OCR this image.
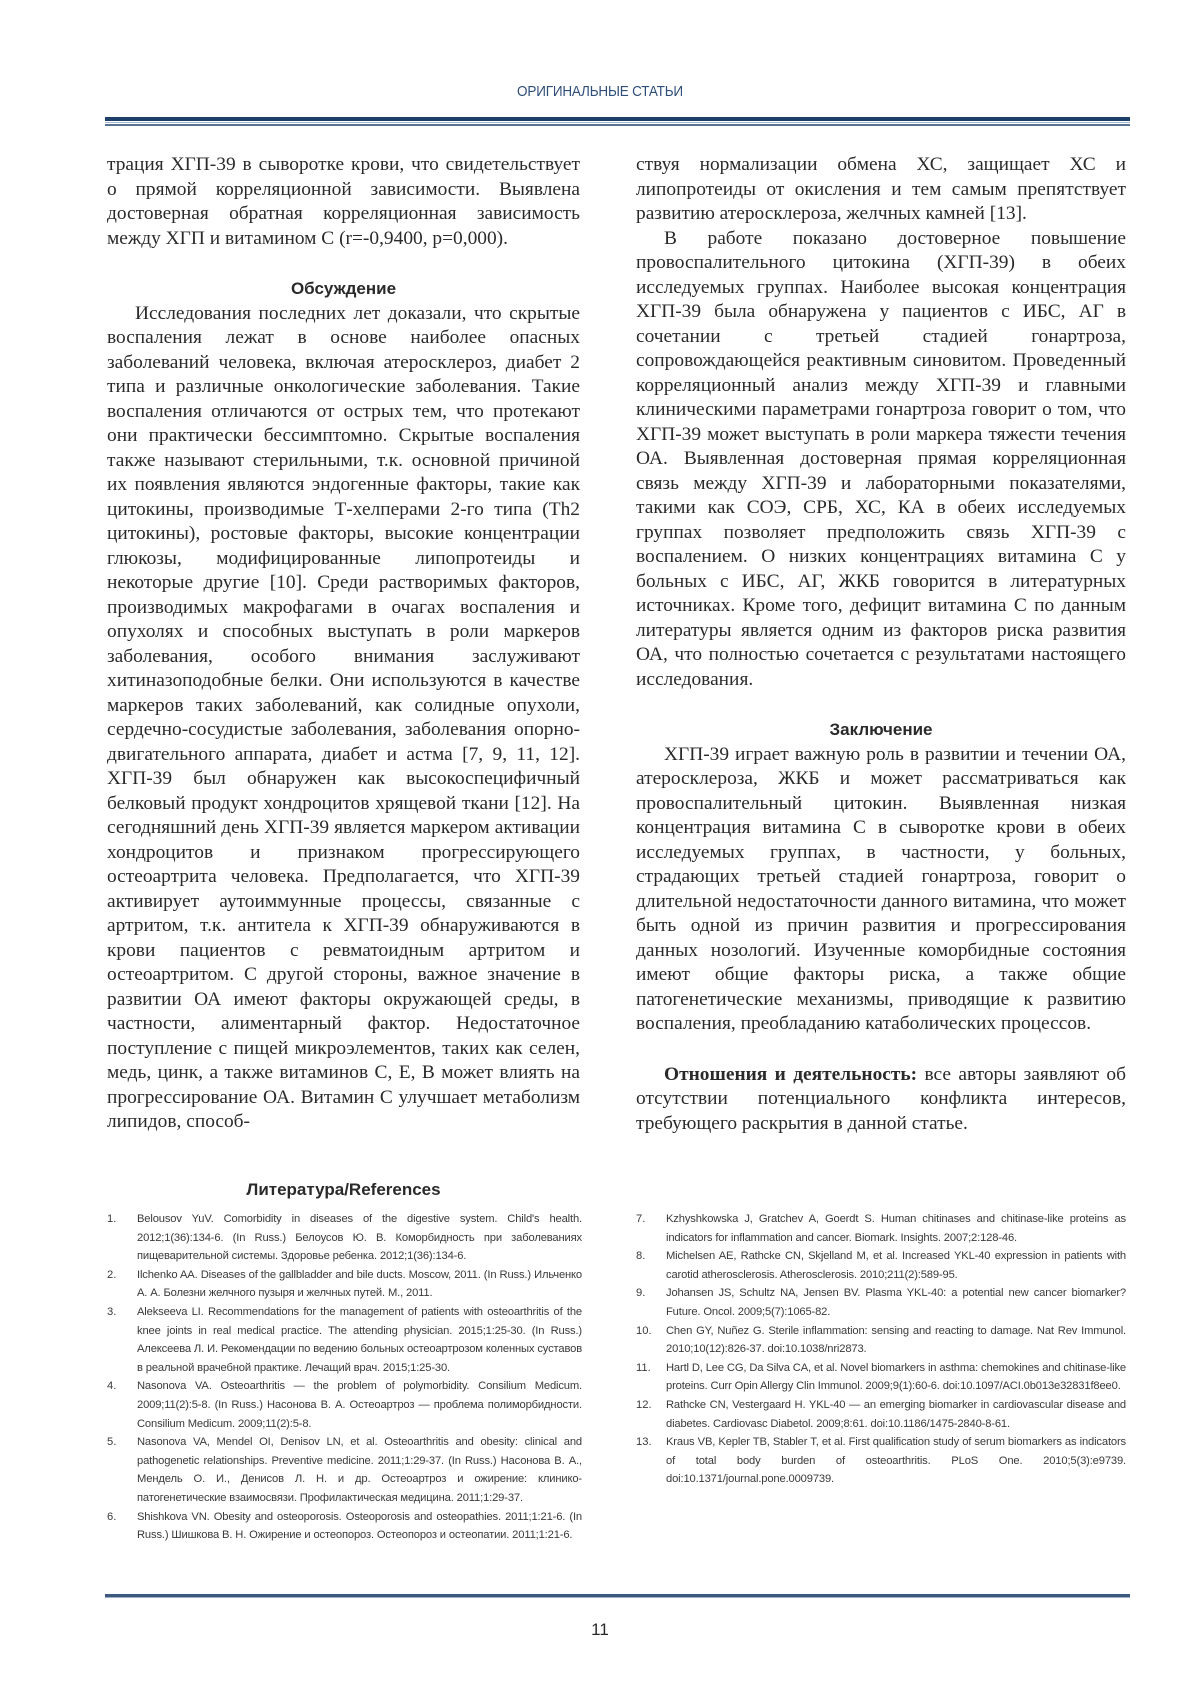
ОРИГИНАЛЬНЫЕ СТАТЬИ

трация ХГП-39 в сыворотке крови, что свидетельствует о прямой корреляционной зависимости. Выявлена достоверная обратная корреляционная зависимость между ХГП и витамином С (r=-0,9400, p=0,000).

Обсуждение

Исследования последних лет доказали, что скрытые воспаления лежат в основе наиболее опасных заболеваний человека, включая атеросклероз, диабет 2 типа и различные онкологические заболевания. Такие воспаления отличаются от острых тем, что протекают они практически бессимптомно. Скрытые воспаления также называют стерильными, т.к. основной причиной их появления являются эндогенные факторы, такие как цитокины, производимые Т-хелперами 2-го типа (Th2 цитокины), ростовые факторы, высокие концентрации глюкозы, модифицированные липопротеиды и некоторые другие [10]. Среди растворимых факторов, производимых макрофагами в очагах воспаления и опухолях и способных выступать в роли маркеров заболевания, особого внимания заслуживают хитиназоподобные белки. Они используются в качестве маркеров таких заболеваний, как солидные опухоли, сердечно-сосудистые заболевания, заболевания опорно-двигательного аппарата, диабет и астма [7, 9, 11, 12]. ХГП-39 был обнаружен как высокоспецифичный белковый продукт хондроцитов хрящевой ткани [12]. На сегодняшний день ХГП-39 является маркером активации хондроцитов и признаком прогрессирующего остеоартрита человека. Предполагается, что ХГП-39 активирует аутоиммунные процессы, связанные с артритом, т.к. антитела к ХГП-39 обнаруживаются в крови пациентов с ревматоидным артритом и остеоартритом. С другой стороны, важное значение в развитии ОА имеют факторы окружающей среды, в частности, алиментарный фактор. Недостаточное поступление с пищей микроэлементов, таких как селен, медь, цинк, а также витаминов С, Е, В может влиять на прогрессирование ОА. Витамин С улучшает метаболизм липидов, способ-

ствуя нормализации обмена ХС, защищает ХС и липопротеиды от окисления и тем самым препятствует развитию атеросклероза, желчных камней [13].

В работе показано достоверное повышение провоспалительного цитокина (ХГП-39) в обеих исследуемых группах. Наиболее высокая концентрация ХГП-39 была обнаружена у пациентов с ИБС, АГ в сочетании с третьей стадией гонартроза, сопровождающейся реактивным синовитом. Проведенный корреляционный анализ между ХГП-39 и главными клиническими параметрами гонартроза говорит о том, что ХГП-39 может выступать в роли маркера тяжести течения ОА. Выявленная достоверная прямая корреляционная связь между ХГП-39 и лабораторными показателями, такими как СОЭ, СРБ, ХС, КА в обеих исследуемых группах позволяет предположить связь ХГП-39 с воспалением. О низких концентрациях витамина С у больных с ИБС, АГ, ЖКБ говорится в литературных источниках. Кроме того, дефицит витамина С по данным литературы является одним из факторов риска развития ОА, что полностью сочетается с результатами настоящего исследования.

Заключение

ХГП-39 играет важную роль в развитии и течении ОА, атеросклероза, ЖКБ и может рассматриваться как провоспалительный цитокин. Выявленная низкая концентрация витамина С в сыворотке крови в обеих исследуемых группах, в частности, у больных, страдающих третьей стадией гонартроза, говорит о длительной недостаточности данного витамина, что может быть одной из причин развития и прогрессирования данных нозологий. Изученные коморбидные состояния имеют общие факторы риска, а также общие патогенетические механизмы, приводящие к развитию воспаления, преобладанию катаболических процессов.

Отношения и деятельность: все авторы заявляют об отсутствии потенциального конфликта интересов, требующего раскрытия в данной статье.

Литература/References
1.	Belousov YuV. Comorbidity in diseases of the digestive system. Child's health. 2012;1(36):134-6. (In Russ.) Белоусов Ю. В. Коморбидность при заболеваниях пищеварительной системы. Здоровье ребенка. 2012;1(36):134-6.
2.	Ilchenko AA. Diseases of the gallbladder and bile ducts. Moscow, 2011. (In Russ.) Ильченко А. А. Болезни желчного пузыря и желчных путей. М., 2011.
3.	Alekseeva LI. Recommendations for the management of patients with osteoarthritis of the knee joints in real medical practice. The attending physician. 2015;1:25-30. (In Russ.) Алексеева Л. И. Рекомендации по ведению больных остеоартрозом коленных суставов в реальной врачебной практике. Лечащий врач. 2015;1:25-30.
4.	Nasonova VA. Osteoarthritis — the problem of polymorbidity. Consilium Medicum. 2009;11(2):5-8. (In Russ.) Насонова В. А. Остеоартроз — проблема полиморбидности. Consilium Medicum. 2009;11(2):5-8.
5.	Nasonova VA, Mendel OI, Denisov LN, et al. Osteoarthritis and obesity: clinical and pathogenetic relationships. Preventive medicine. 2011;1:29-37. (In Russ.) Насонова В. А., Мендель О. И., Денисов Л. Н. и др. Остеоартроз и ожирение: клинико-патогенетические взаимосвязи. Профилактическая медицина. 2011;1:29-37.
6.	Shishkova VN. Obesity and osteoporosis. Osteoporosis and osteopathies. 2011;1:21-6. (In Russ.) Шишкова В. Н. Ожирение и остеопороз. Остеопороз и остеопатии. 2011;1:21-6.
7.	Kzhyshkowska J, Gratchev A, Goerdt S. Human chitinases and chitinase-like proteins as indicators for inflammation and cancer. Biomark. Insights. 2007;2:128-46.
8.	Michelsen AE, Rathcke CN, Skjelland M, et al. Increased YKL-40 expression in patients with carotid atherosclerosis. Atherosclerosis. 2010;211(2):589-95.
9.	Johansen JS, Schultz NA, Jensen BV. Plasma YKL-40: a potential new cancer biomarker? Future. Oncol. 2009;5(7):1065-82.
10.	Chen GY, Nuñez G. Sterile inflammation: sensing and reacting to damage. Nat Rev Immunol. 2010;10(12):826-37. doi:10.1038/nri2873.
11.	Hartl D, Lee CG, Da Silva CA, et al. Novel biomarkers in asthma: chemokines and chitinase-like proteins. Curr Opin Allergy Clin Immunol. 2009;9(1):60-6. doi:10.1097/ACI.0b013e32831f8ee0.
12.	Rathcke CN, Vestergaard H. YKL-40 — an emerging biomarker in cardiovascular disease and diabetes. Cardiovasc Diabetol. 2009;8:61. doi:10.1186/1475-2840-8-61.
13.	Kraus VB, Kepler TB, Stabler T, et al. First qualification study of serum biomarkers as indicators of total body burden of osteoarthritis. PLoS One. 2010;5(3):e9739. doi:10.1371/journal.pone.0009739.
11
